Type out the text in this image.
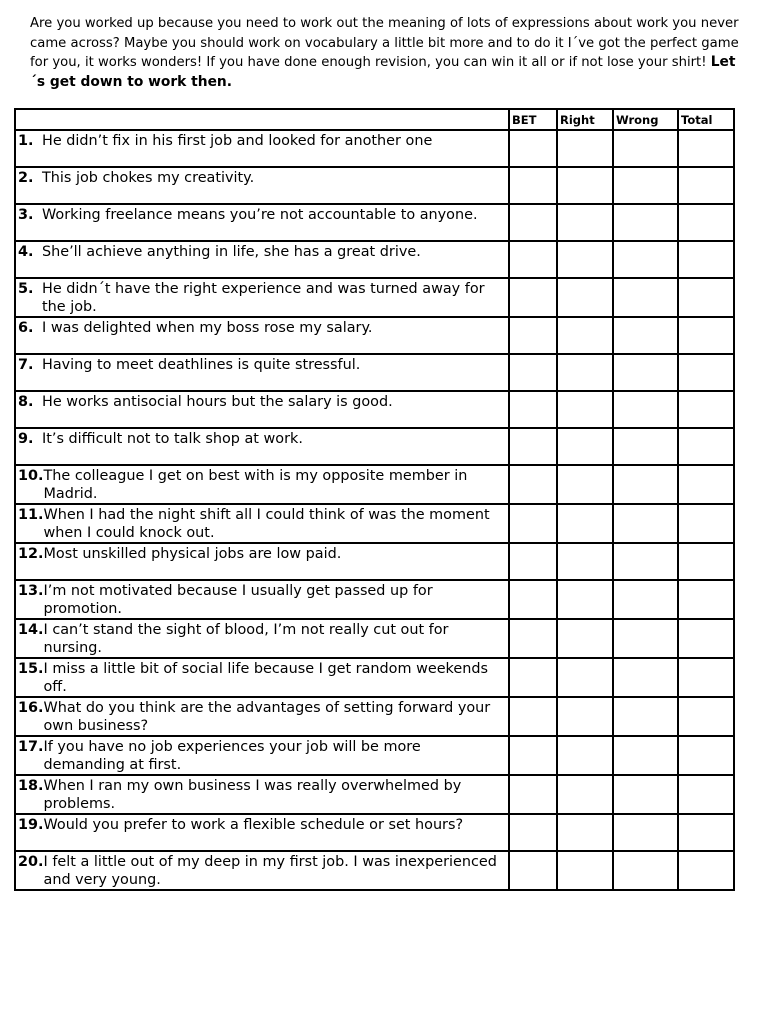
Are you worked up because you need to work out the meaning of lots of expressions about work you never came across? Maybe you should work on vocabulary a little bit more and to do it I´ve got the perfect game for you, it works wonders! If you have done enough revision, you can win it all or if not lose your shirt! Let´s get down to work then.
	BET	Right	Wrong	Total

1. He didn’t fix in his first job and looked for another one				

2. This job chokes my creativity.				

3. Working freelance means you’re not accountable to anyone.				

4. She’ll achieve anything in life, she has a great drive.				

5. He didn´t have the right experience and was turned away for the job.				

6. I was delighted when my boss rose my salary.				

7. Having to meet deathlines is quite stressful.				

8. He works antisocial hours but the salary is good.				

9. It’s difficult not to talk shop at work.				

10. The colleague I get on best with is my opposite member in Madrid.				

11. When I had the night shift all I could think of was the moment when I could knock out.				

12. Most unskilled physical jobs are low paid.				

13. I’m not motivated because I usually get passed up for promotion.				

14. I can’t stand the sight of blood, I’m not really cut out for nursing.				

15. I miss a little bit of social life because I get random weekends off.				

16. What do you think are the advantages of setting forward your own business?				

17. If you have no job experiences your job will be more demanding at first.				

18. When I ran my own business I was really overwhelmed by problems.				

19. Would you prefer to work a flexible schedule or set hours?				

20. I felt a little out of my deep in my first job. I was inexperienced and very young.				
